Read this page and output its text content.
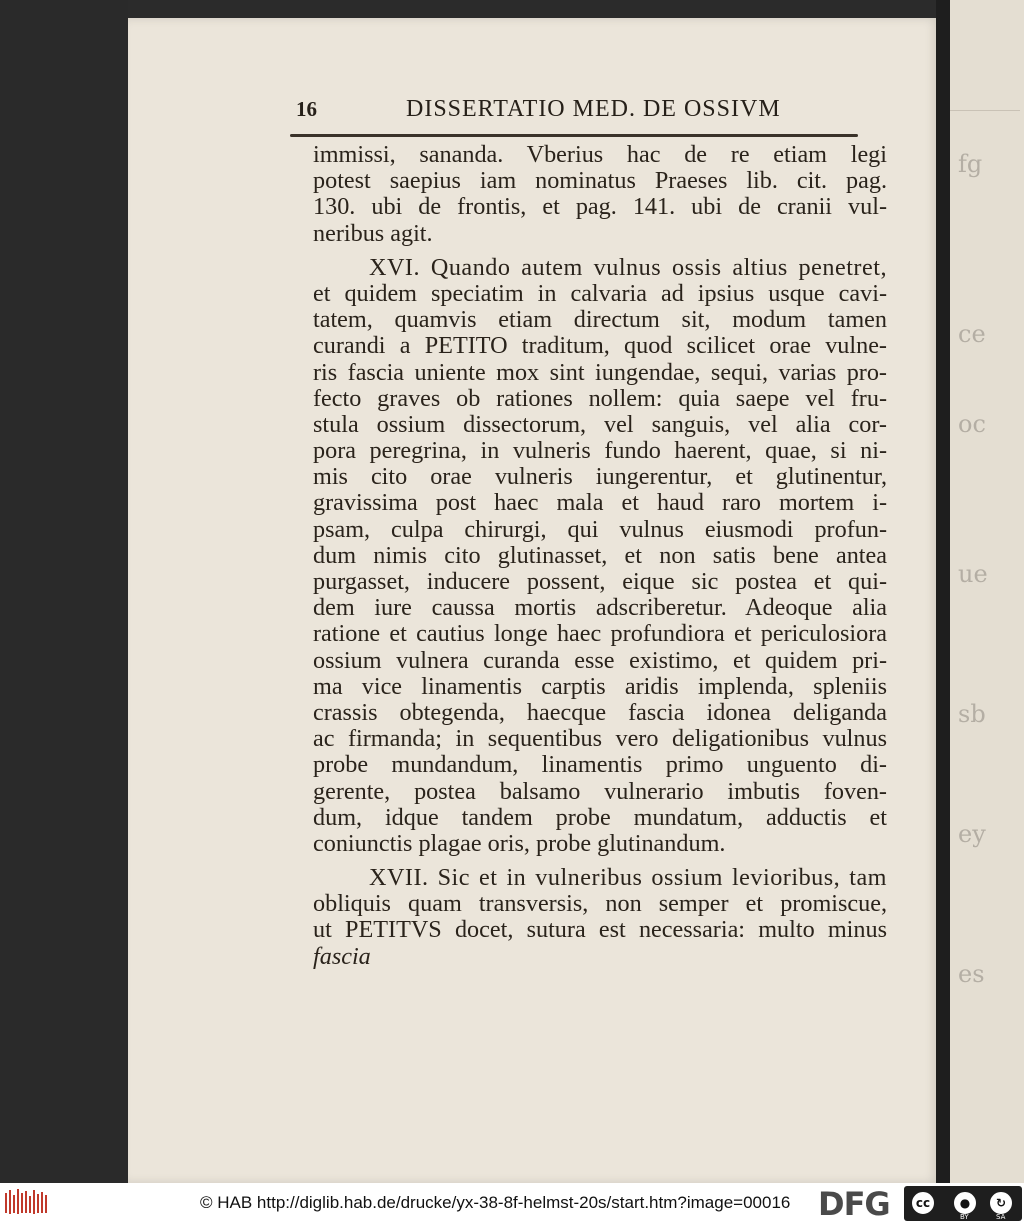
fg
ce
oc
ue
sb
ey
es
16	DISSERTATIO MED. DE OSSIVM
immissi, sananda. Vberius hac de re etiam legi
potest saepius iam nominatus Praeses lib. cit. pag.
130. ubi de frontis, et pag. 141. ubi de cranii vul-
neribus agit.
XVI. Quando autem vulnus ossis altius penetret,
et quidem speciatim in calvaria ad ipsius usque cavi-
tatem, quamvis etiam directum sit, modum tamen
curandi a PETITO traditum, quod scilicet orae vulne-
ris fascia uniente mox sint iungendae, sequi, varias pro-
fecto graves ob rationes nollem: quia saepe vel fru-
stula ossium dissectorum, vel sanguis, vel alia cor-
pora peregrina, in vulneris fundo haerent, quae, si ni-
mis cito orae vulneris iungerentur, et glutinentur,
gravissima post haec mala et haud raro mortem i-
psam, culpa chirurgi, qui vulnus eiusmodi profun-
dum nimis cito glutinasset, et non satis bene antea
purgasset, inducere possent, eique sic postea et qui-
dem iure caussa mortis adscriberetur. Adeoque alia
ratione et cautius longe haec profundiora et periculosiora
ossium vulnera curanda esse existimo, et quidem pri-
ma vice linamentis carptis aridis implenda, spleniis
crassis obtegenda, haecque fascia idonea deliganda
ac firmanda; in sequentibus vero deligationibus vulnus
probe mundandum, linamentis primo unguento di-
gerente, postea balsamo vulnerario imbutis foven-
dum, idque tandem probe mundatum, adductis et
coniunctis plagae oris, probe glutinandum.
XVII. Sic et in vulneribus ossium levioribus, tam
obliquis quam transversis, non semper et promiscue,
ut PETITVS docet, sutura est necessaria: multo minus
fascia
© HAB http://diglib.hab.de/drucke/yx-38-8f-helmst-20s/start.htm?image=00016 DFG	cc	●	↻
BY	SA
